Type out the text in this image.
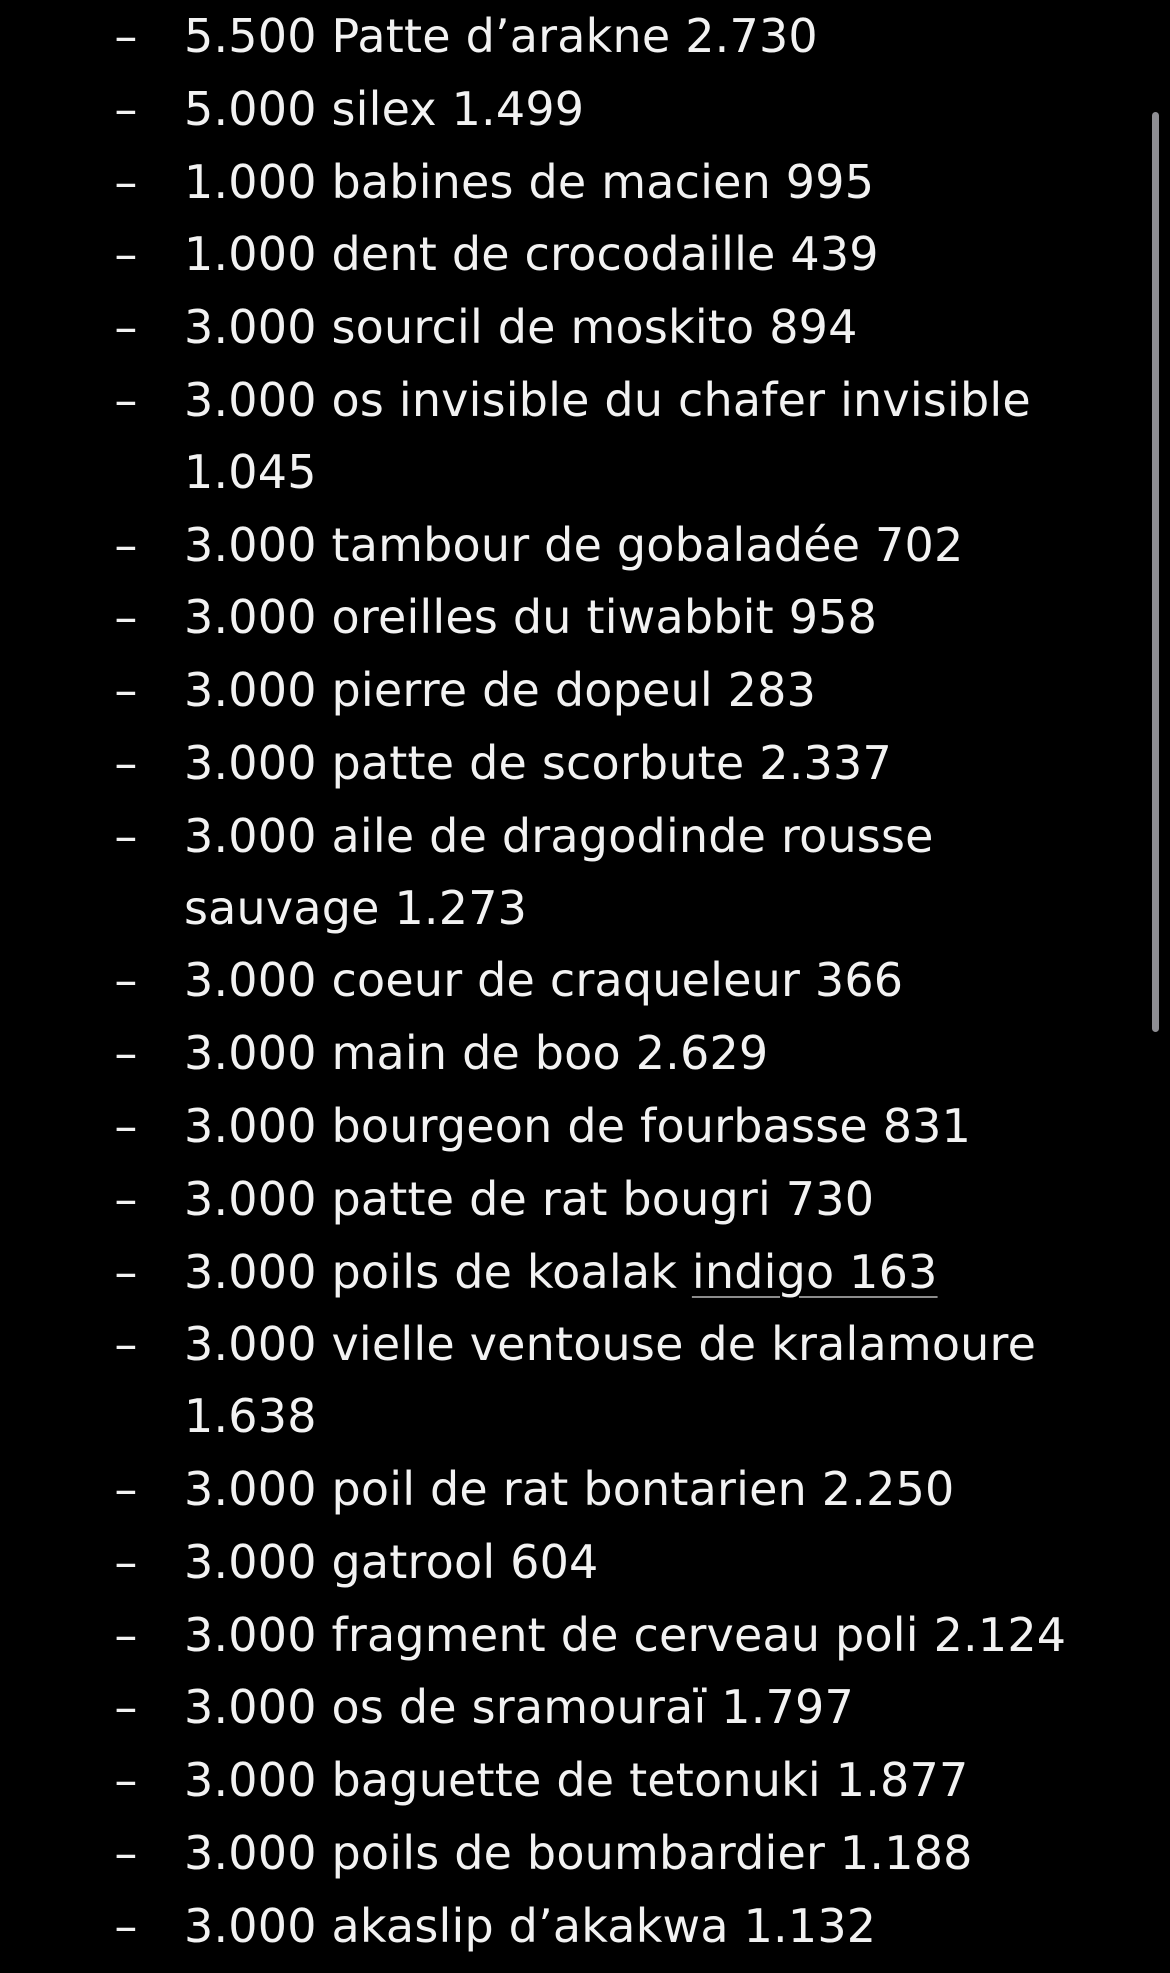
– 5.500 Patte d’arakne 2.730
– 5.000 silex 1.499
– 1.000 babines de macien 995
– 1.000 dent de crocodaille 439
– 3.000 sourcil de moskito 894
– 3.000 os invisible du chafer invisible
1.045
– 3.000 tambour de gobaladée 702
– 3.000 oreilles du tiwabbit 958
– 3.000 pierre de dopeul 283
– 3.000 patte de scorbute 2.337
– 3.000 aile de dragodinde rousse
sauvage 1.273
– 3.000 coeur de craqueleur 366
– 3.000 main de boo 2.629
– 3.000 bourgeon de fourbasse 831
– 3.000 patte de rat bougri 730
– 3.000 poils de koalak indigo 163
– 3.000 vielle ventouse de kralamoure
1.638
– 3.000 poil de rat bontarien 2.250
– 3.000 gatrool 604
– 3.000 fragment de cerveau poli 2.124
– 3.000 os de sramouraï 1.797
– 3.000 baguette de tetonuki 1.877
– 3.000 poils de boumbardier 1.188
– 3.000 akaslip d’akakwa 1.132
